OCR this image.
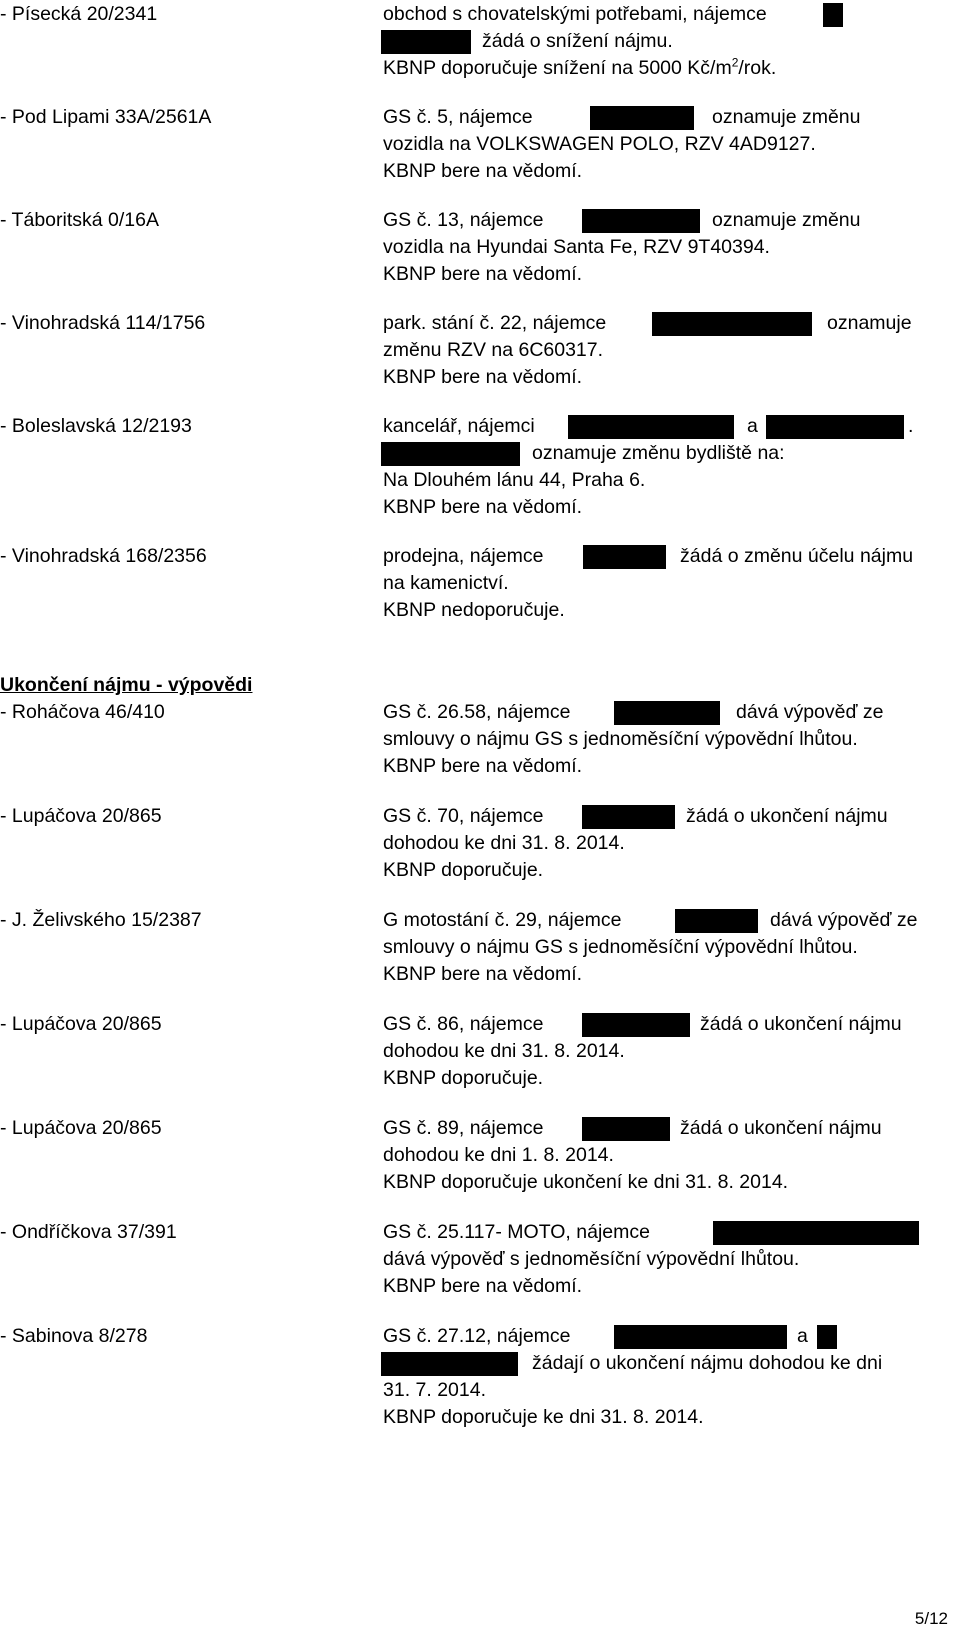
- Písecká 20/2341	obchod s chovatelskými potřebami, nájemce
žádá o snížení nájmu.
KBNP doporučuje snížení na 5000 $Kč/m^2$/rok.
- Pod Lipami 33A/2561A	GS č. 5, nájemce	oznamuje změnu
vozidla na VOLKSWAGEN POLO, RZV 4AD9127.
KBNP bere na vědomí.
- Táboritská 0/16A	GS č. 13, nájemce	oznamuje změnu
vozidla na Hyundai Santa Fe, RZV 9T40394.
KBNP bere na vědomí.
- Vinohradská 114/1756	park. stání č. 22, nájemce	oznamuje
změnu RZV na 6C60317.
KBNP bere na vědomí.
- Boleslavská 12/2193	kancelář, nájemci	a	.
oznamuje změnu bydliště na:
Na Dlouhém lánu 44, Praha 6.
KBNP bere na vědomí.
- Vinohradská 168/2356	prodejna, nájemce	žádá o změnu účelu nájmu
na kamenictví.
KBNP nedoporučuje.
Ukončení nájmu - výpovědi
- Roháčova 46/410	GS č. 26.58, nájemce	dává výpověď ze
smlouvy o nájmu GS s jednoměsíční výpovědní lhůtou.
KBNP bere na vědomí.
- Lupáčova 20/865	GS č. 70, nájemce	žádá o ukončení nájmu
dohodou ke dni 31. 8. 2014.
KBNP doporučuje.
- J. Želivského 15/2387	G motostání č. 29, nájemce	dává výpověď ze
smlouvy o nájmu GS s jednoměsíční výpovědní lhůtou.
KBNP bere na vědomí.
- Lupáčova 20/865	GS č. 86, nájemce	žádá o ukončení nájmu
dohodou ke dni 31. 8. 2014.
KBNP doporučuje.
- Lupáčova 20/865	GS č. 89, nájemce	žádá o ukončení nájmu
dohodou ke dni 1. 8. 2014.
KBNP doporučuje ukončení ke dni 31. 8. 2014.
- Ondříčkova 37/391	GS č. 25.117- MOTO, nájemce
dává výpověď s jednoměsíční výpovědní lhůtou.
KBNP bere na vědomí.
- Sabinova 8/278	GS č. 27.12, nájemce	a
žádají o ukončení nájmu dohodou ke dni
31. 7. 2014.
KBNP doporučuje ke dni 31. 8. 2014.
5/12
